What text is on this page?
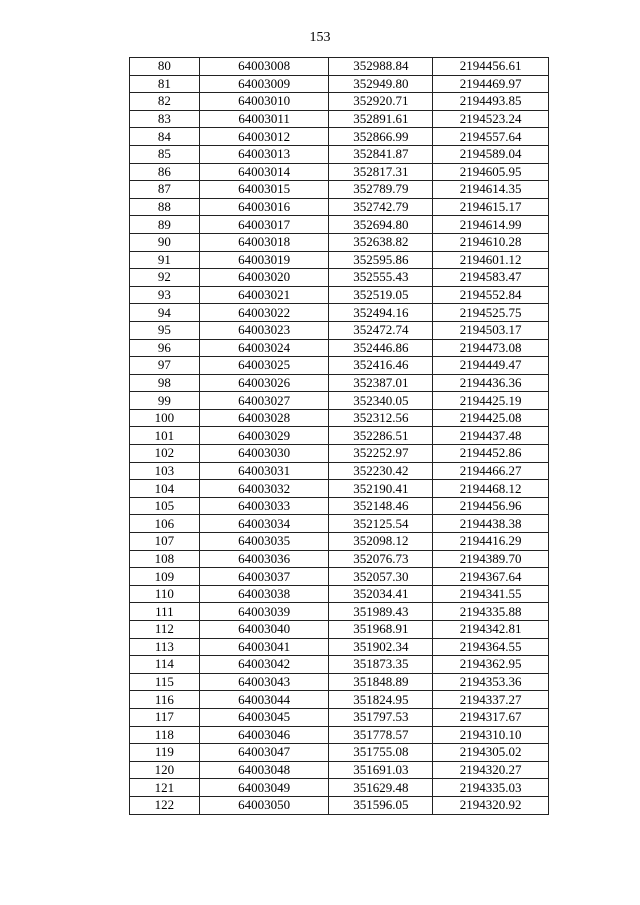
153
80	64003008	352988.84	2194456.61
81	64003009	352949.80	2194469.97
82	64003010	352920.71	2194493.85
83	64003011	352891.61	2194523.24
84	64003012	352866.99	2194557.64
85	64003013	352841.87	2194589.04
86	64003014	352817.31	2194605.95
87	64003015	352789.79	2194614.35
88	64003016	352742.79	2194615.17
89	64003017	352694.80	2194614.99
90	64003018	352638.82	2194610.28
91	64003019	352595.86	2194601.12
92	64003020	352555.43	2194583.47
93	64003021	352519.05	2194552.84
94	64003022	352494.16	2194525.75
95	64003023	352472.74	2194503.17
96	64003024	352446.86	2194473.08
97	64003025	352416.46	2194449.47
98	64003026	352387.01	2194436.36
99	64003027	352340.05	2194425.19
100	64003028	352312.56	2194425.08
101	64003029	352286.51	2194437.48
102	64003030	352252.97	2194452.86
103	64003031	352230.42	2194466.27
104	64003032	352190.41	2194468.12
105	64003033	352148.46	2194456.96
106	64003034	352125.54	2194438.38
107	64003035	352098.12	2194416.29
108	64003036	352076.73	2194389.70
109	64003037	352057.30	2194367.64
110	64003038	352034.41	2194341.55
111	64003039	351989.43	2194335.88
112	64003040	351968.91	2194342.81
113	64003041	351902.34	2194364.55
114	64003042	351873.35	2194362.95
115	64003043	351848.89	2194353.36
116	64003044	351824.95	2194337.27
117	64003045	351797.53	2194317.67
118	64003046	351778.57	2194310.10
119	64003047	351755.08	2194305.02
120	64003048	351691.03	2194320.27
121	64003049	351629.48	2194335.03
122	64003050	351596.05	2194320.92
